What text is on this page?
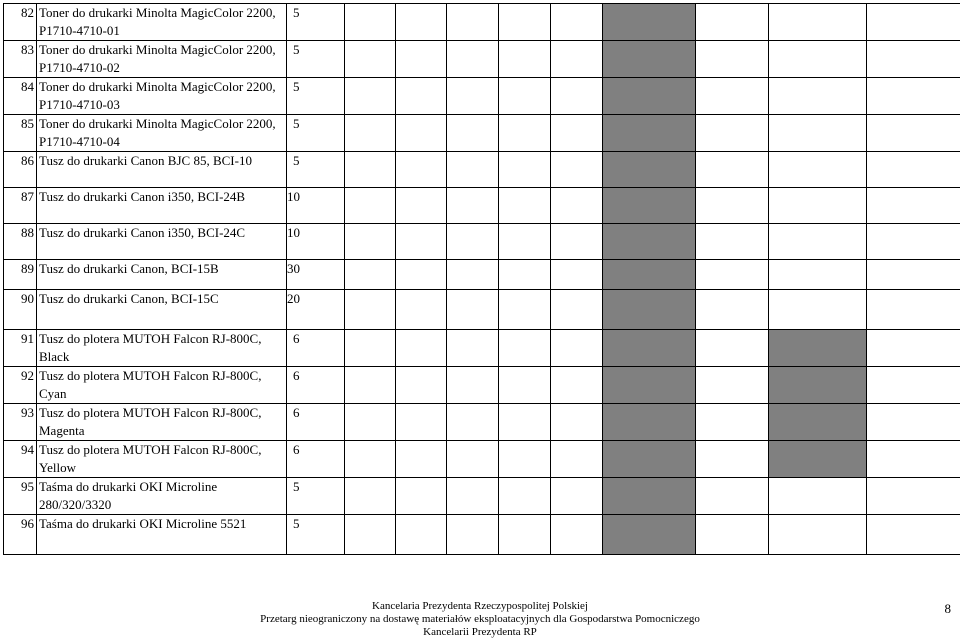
82	Toner do drukarki Minolta MagicColor 2200, P1710-4710-01	5									
83	Toner do drukarki Minolta MagicColor 2200, P1710-4710-02	5									
84	Toner do drukarki Minolta MagicColor 2200, P1710-4710-03	5									
85	Toner do drukarki Minolta MagicColor 2200, P1710-4710-04	5									
86	Tusz do drukarki Canon BJC 85, BCI-10	5									
87	Tusz do drukarki Canon i350, BCI-24B	10									
88	Tusz do drukarki Canon i350, BCI-24C	10									
89	Tusz do drukarki Canon, BCI-15B	30									
90	Tusz do drukarki Canon, BCI-15C	20									
91	Tusz do plotera MUTOH Falcon RJ-800C, Black	6									
92	Tusz do plotera MUTOH Falcon RJ-800C, Cyan	6									
93	Tusz do plotera MUTOH Falcon RJ-800C, Magenta	6									
94	Tusz do plotera MUTOH Falcon RJ-800C, Yellow	6									
95	Taśma do drukarki OKI Microline 280/320/3320	5									
96	Taśma do drukarki OKI Microline 5521	5									
Kancelaria Prezydenta Rzeczypospolitej Polskiej
Przetarg nieograniczony na dostawę materiałów eksploatacyjnych dla Gospodarstwa Pomocniczego
Kancelarii Prezydenta RP
8
